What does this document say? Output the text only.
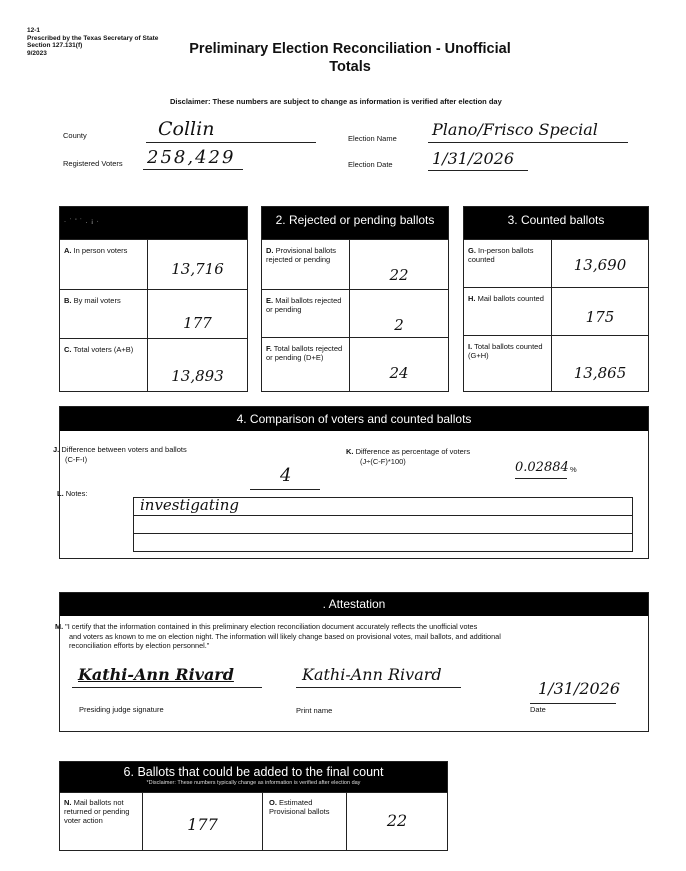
12-1
Prescribed by the Texas Secretary of State
Section 127.131(f)
9/2023	Preliminary Election Reconciliation - Unofficial
Totals
Disclaimer: These numbers are subject to change as information is verified after election day
County	Collin
Registered Voters 258,429
Election Name Plano/Frisco Special
Election Date 1/31/2026
· ˙ ' ˙ . ¡ ·
A. In person voters
13,716
B. By mail voters
177
C. Total voters (A+B)
13,893
2. Rejected or pending ballots
D. Provisional ballots rejected or pending
22
E. Mail ballots rejected or pending
2
F. Total ballots rejected or pending (D+E)
24
3. Counted ballots
G. In-person ballots counted	13,690
H. Mail ballots counted
175
I. Total ballots counted (G+H)
13,865
4. Comparison of voters and counted ballots
J. Difference between voters and ballots
(C-F-I)
4
K. Difference as percentage of voters
(J÷(C-F)*100)	0.02884 %
L. Notes:
investigating
. Attestation
M. "I certify that the information contained in this preliminary election reconciliation document accurately reflects the unofficial votes
and voters as known to me on election night. The information will likely change based on provisional votes, mail ballots, and additional
reconciliation efforts by election personnel."
Kathi-Ann Rivard
Presiding judge signature
Kathi-Ann Rivard
Print name
1/31/2026
Date
6. Ballots that could be added to the final count
*Disclaimer: These numbers typically change as information is verified after election day
N. Mail ballots not returned or pending voter action	177
O. Estimated Provisional ballots	22
